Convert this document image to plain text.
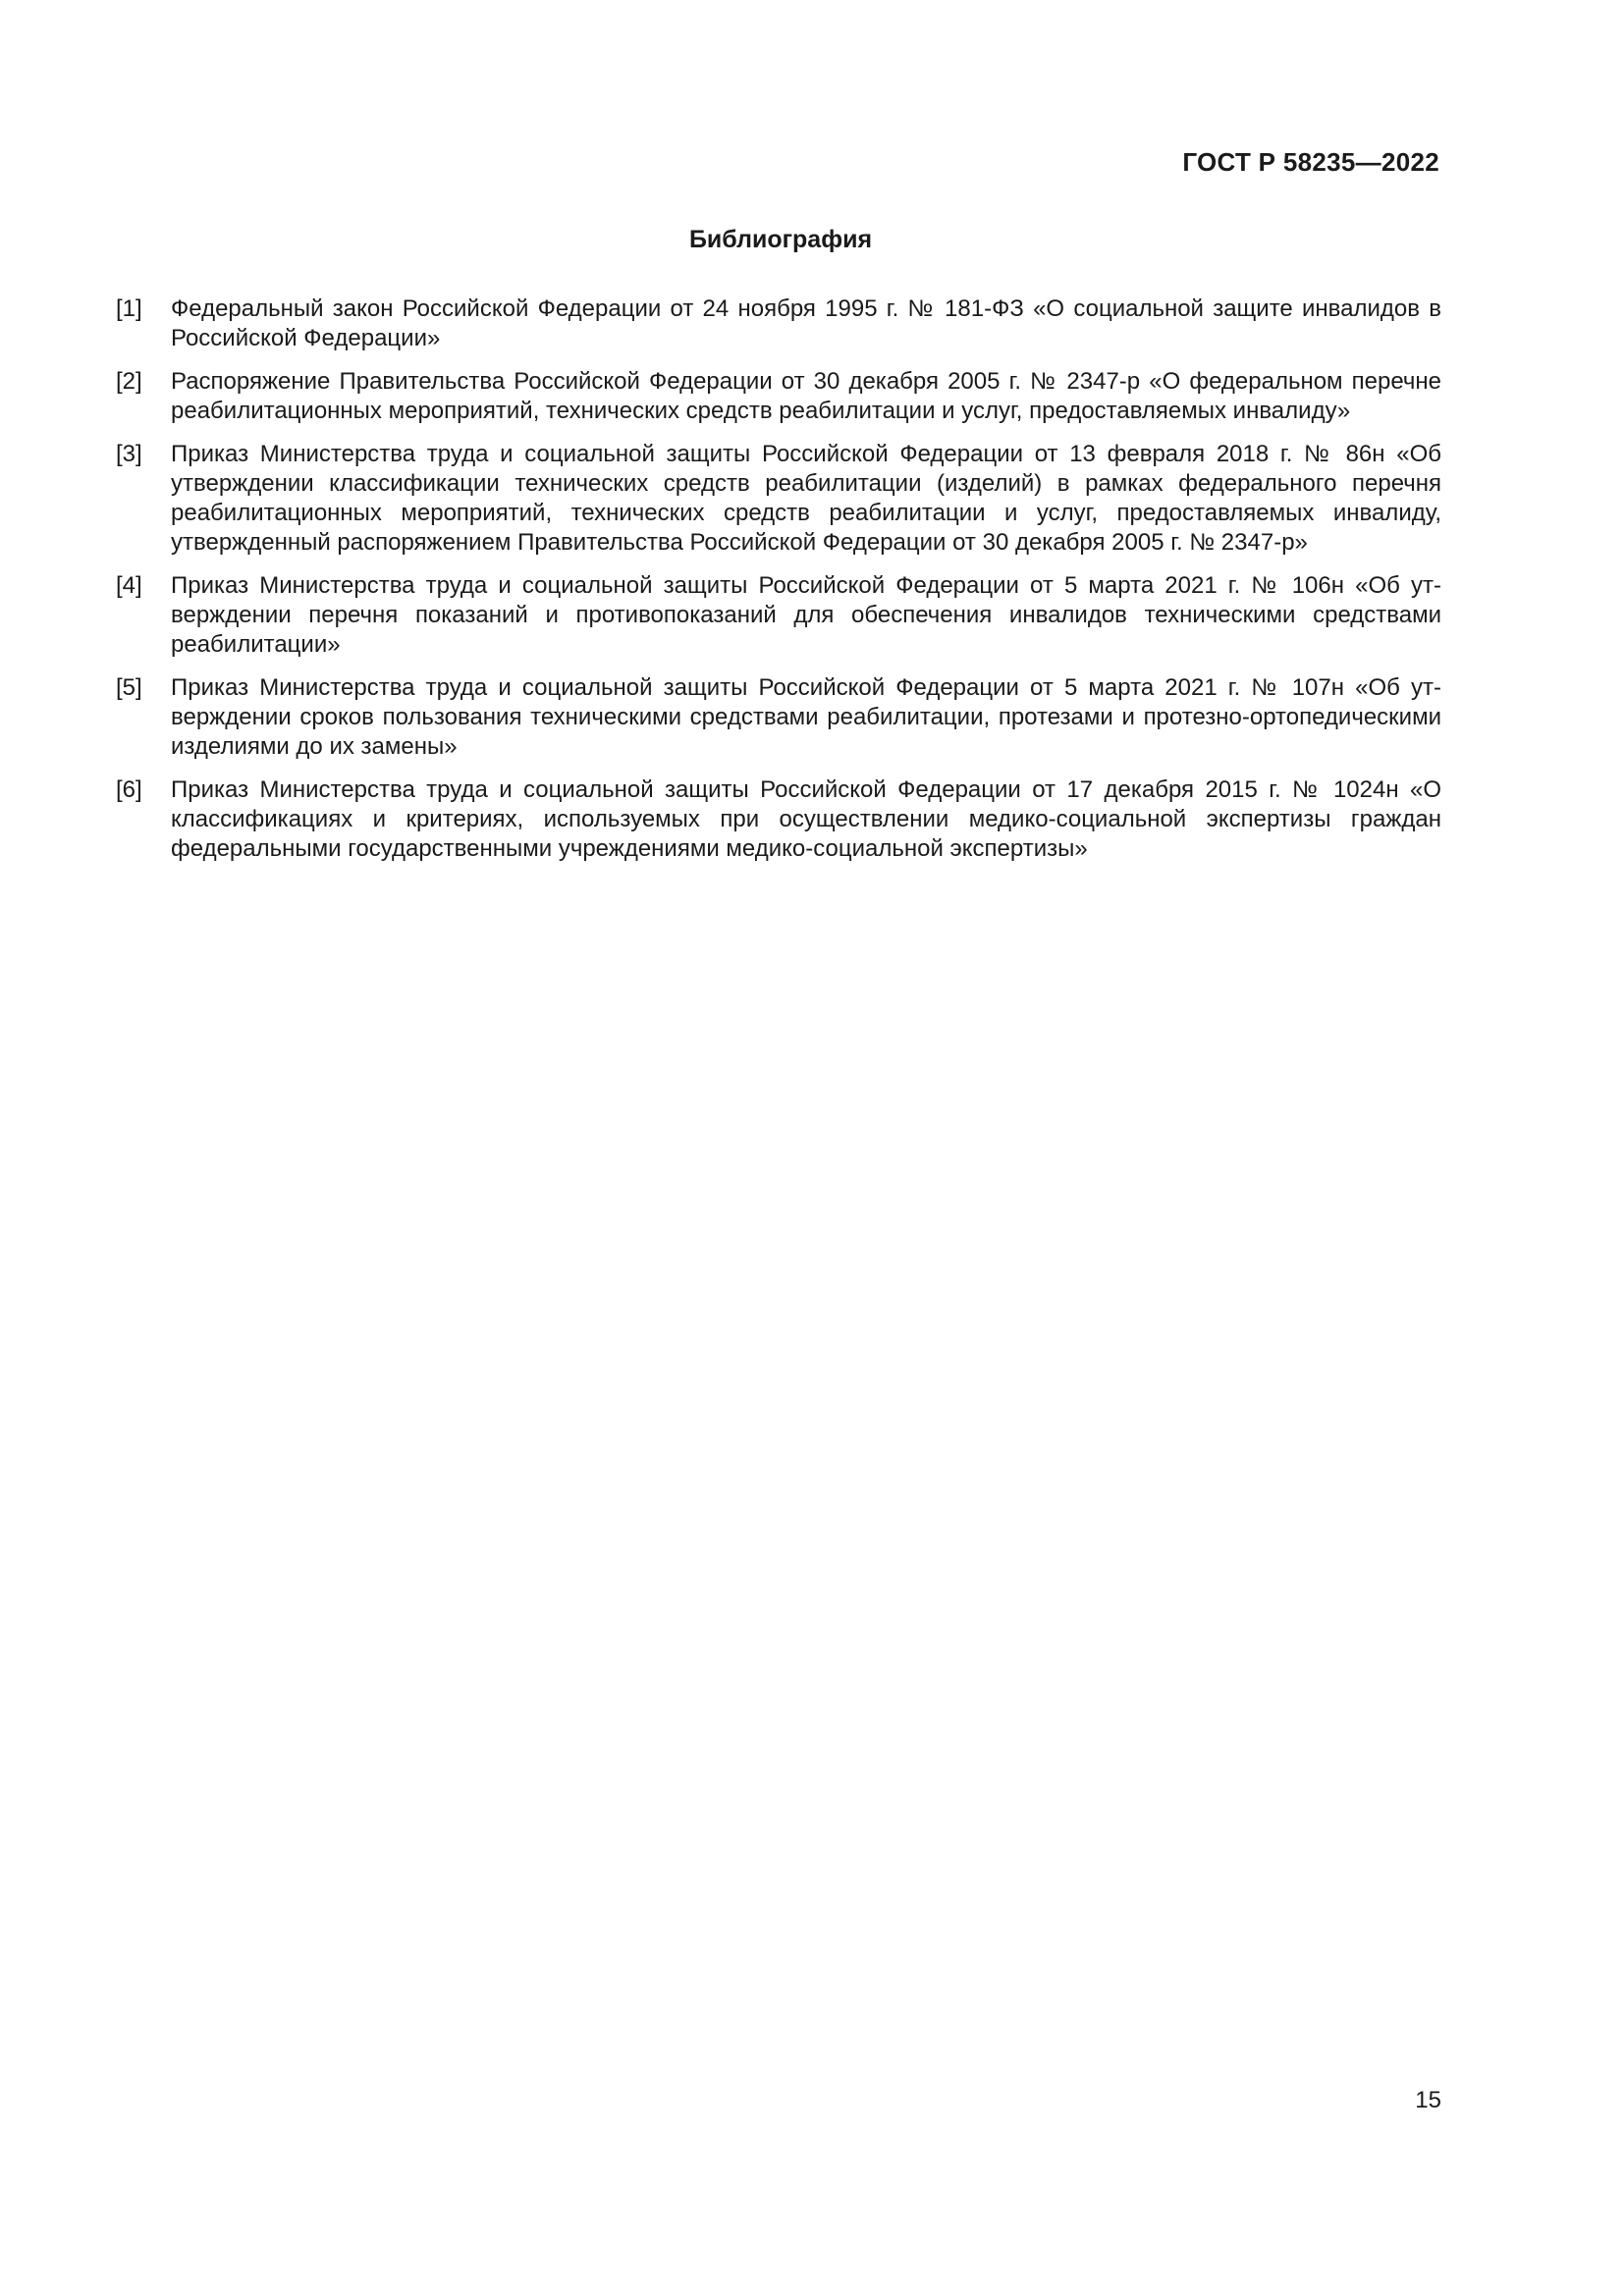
ГОСТ Р 58235—2022
Библиография
[1]	Федеральный закон Российской Федерации от 24 ноября 1995 г. № 181-ФЗ «О социальной защите инвалидов в Российской Федерации»
[2]	Распоряжение Правительства Российской Федерации от 30 декабря 2005 г. № 2347-р «О федеральном перечне реабилитационных мероприятий, технических средств реабилитации и услуг, предоставляемых инвалиду»
[3]	Приказ Министерства труда и социальной защиты Российской Федерации от 13 февраля 2018 г. № 86н «Об утверждении классификации технических средств реабилитации (изделий) в рамках федерального перечня реабилитационных мероприятий, технических средств реабилитации и услуг, предоставляемых инвалиду, утвержденный распоряжением Правительства Российской Федерации от 30 декабря 2005 г. № 2347-р»
[4]	Приказ Министерства труда и социальной защиты Российской Федерации от 5 марта 2021 г. № 106н «Об утверждении перечня показаний и противопоказаний для обеспечения инвалидов техническими средствами реабилитации»
[5]	Приказ Министерства труда и социальной защиты Российской Федерации от 5 марта 2021 г. № 107н «Об утверждении сроков пользования техническими средствами реабилитации, протезами и протезно-ортопедическими изделиями до их замены»
[6]	Приказ Министерства труда и социальной защиты Российской Федерации от 17 декабря 2015 г. № 1024н «О классификациях и критериях, используемых при осуществлении медико-социальной экспертизы граждан федеральными государственными учреждениями медико-социальной экспертизы»
15
